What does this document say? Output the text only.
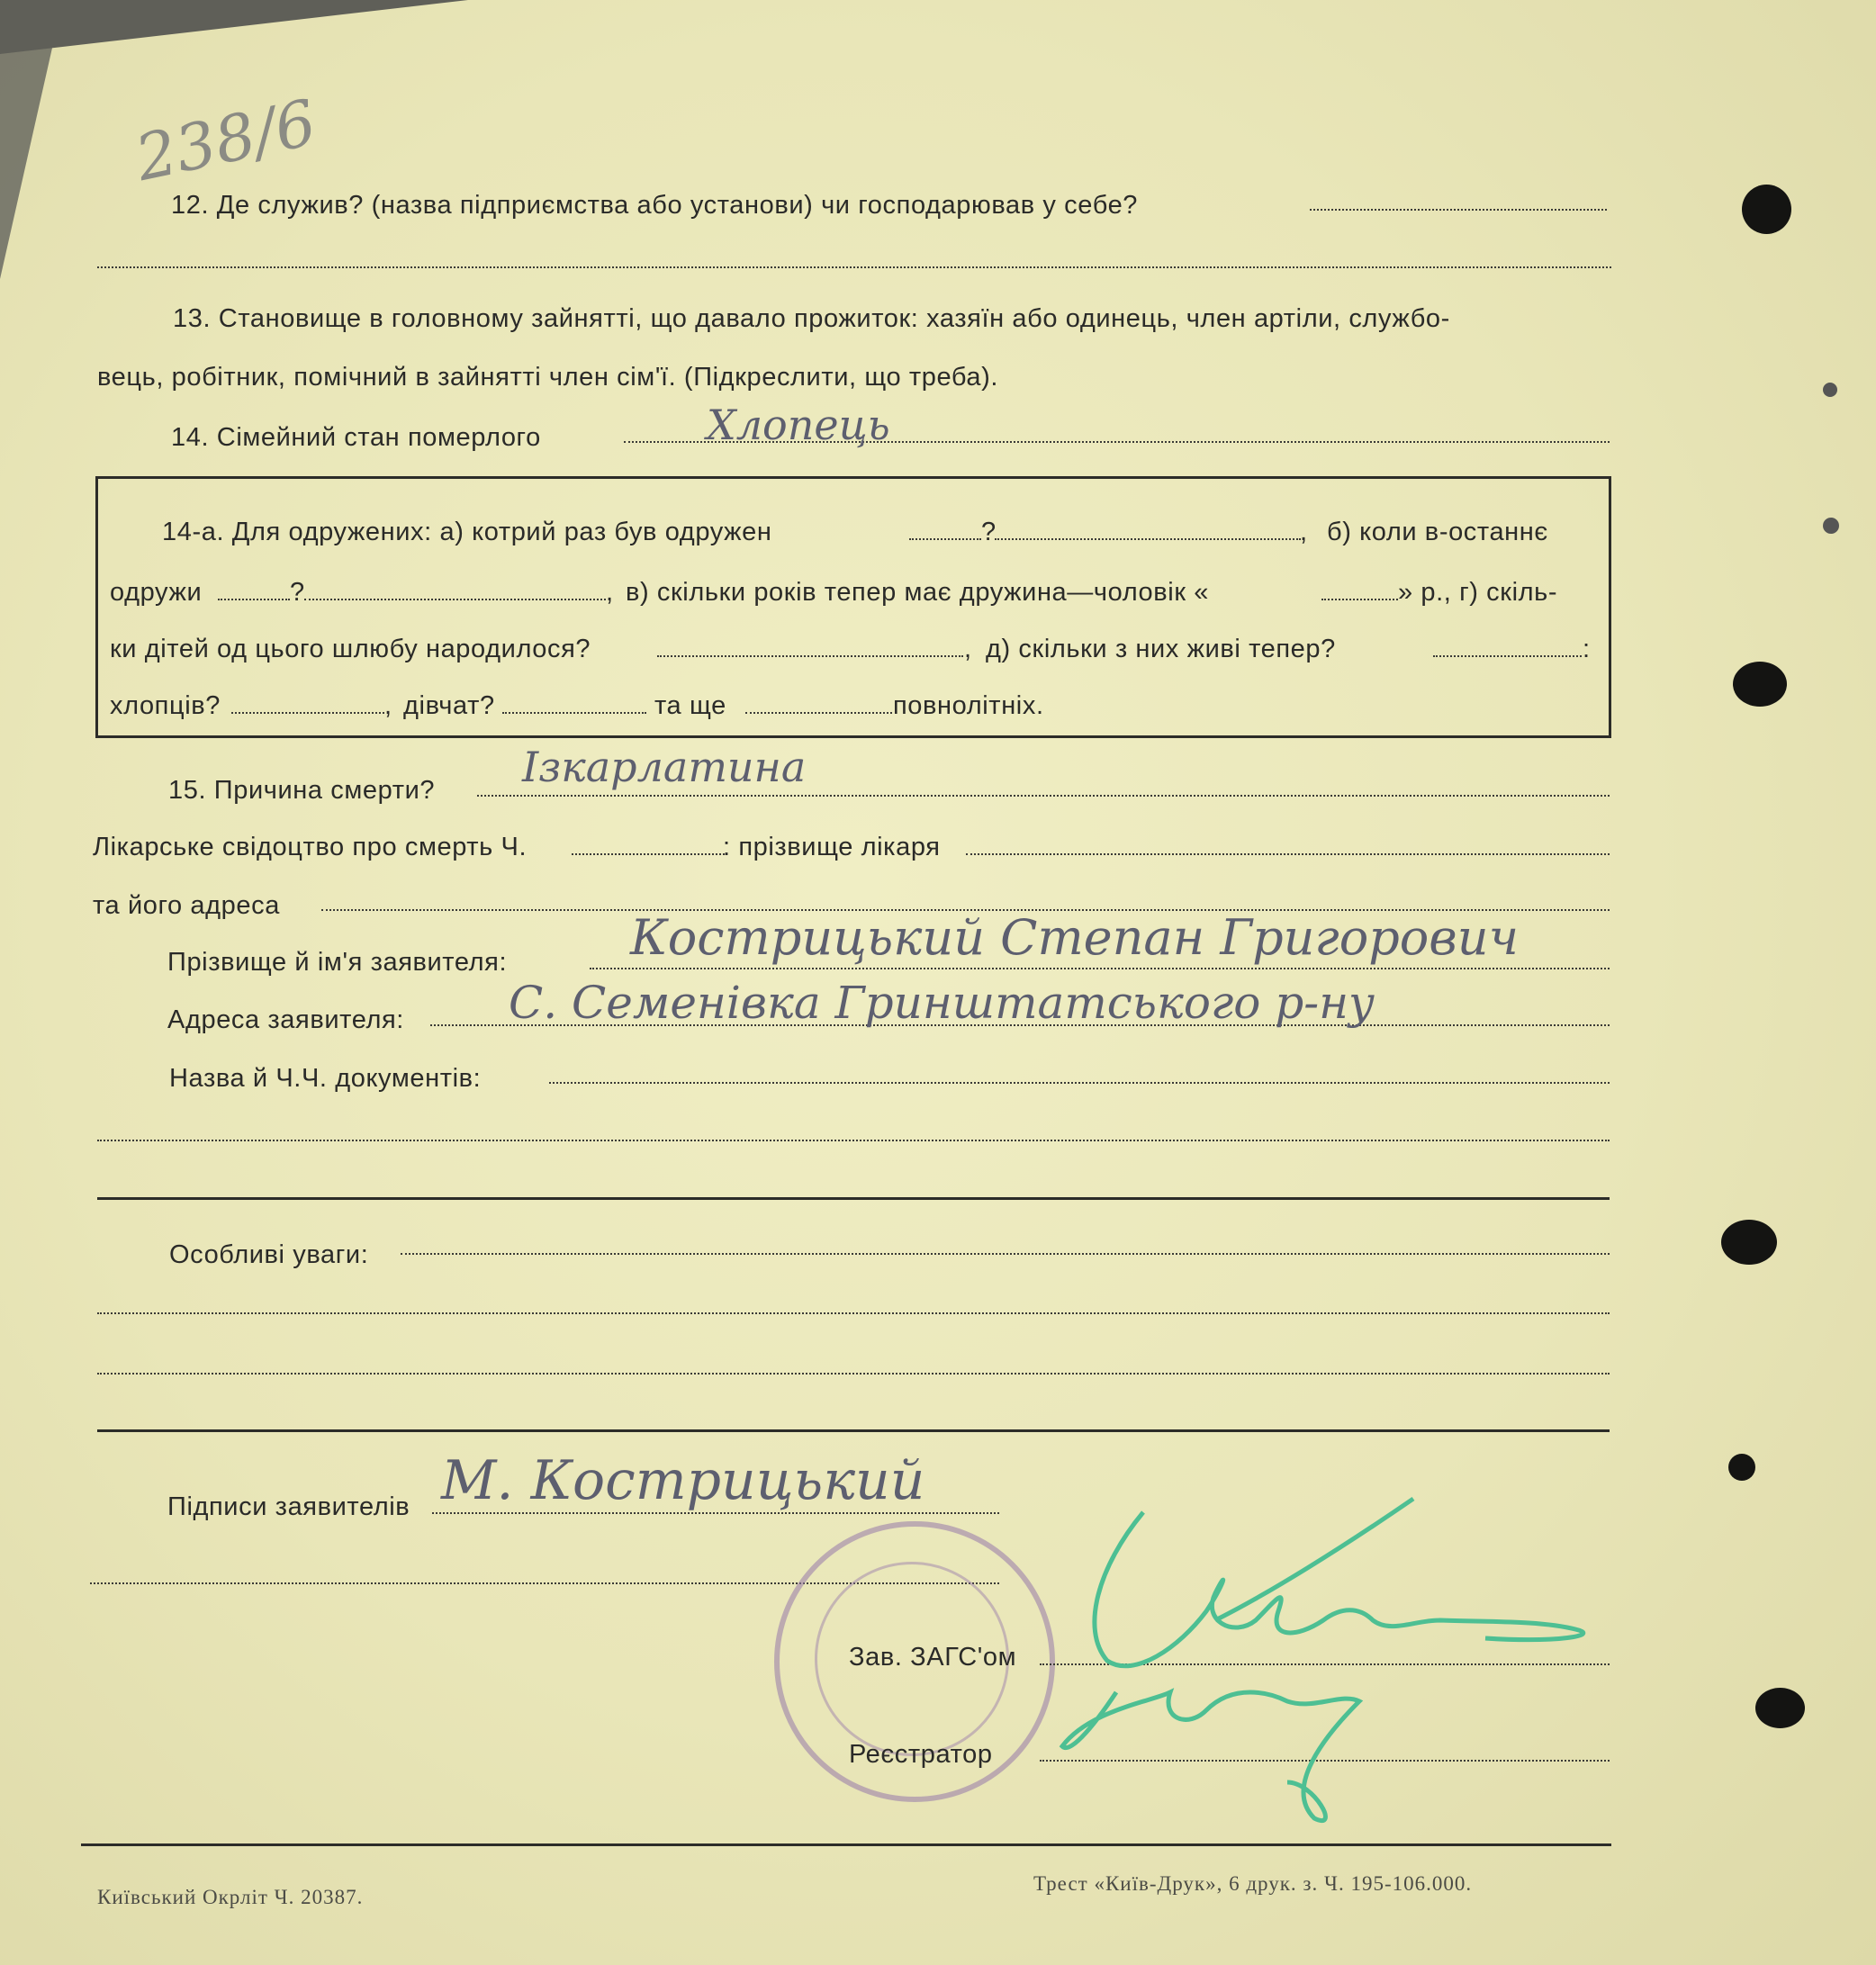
238/6
12. Де служив? (назва підприємства або установи) чи господарював у себе?
13. Становище в головному зайнятті, що давало прожиток: хазяїн або одинець, член артіли, службо-
вець, робітник, помічний в зайнятті член сім'ї. (Підкреслити, що треба).
14. Сімейний стан померлого	Хлопець
14-а. Для одружених: а) котрий раз був одружен	?	, б) коли в-останнє
одружи	?	, в) скільки років тепер має дружина—чоловік «	» р., г) скіль-
ки дітей од цього шлюбу народилося?	, д) скільки з них живі тепер?	:
хлопців?	, дівчат?	та ще	повнолітніх.
15. Причина смерти? Ізкарлатина
Лікарське свідоцтво про смерть Ч.	: прізвище лікаря
та його адреса
Прізвище й ім'я заявителя:	Кострицький Степан Григорович
Адреса заявителя: С. Семенівка Гринштатського р-ну
Назва й Ч.Ч. документів:
Особливі уваги:
Підписи заявителів М. Кострицький
Зав. ЗАГС'ом
Реєстратор
Київський Окрліт Ч. 20387.
Трест «Київ-Друк», 6 друк. з. Ч. 195-106.000.
